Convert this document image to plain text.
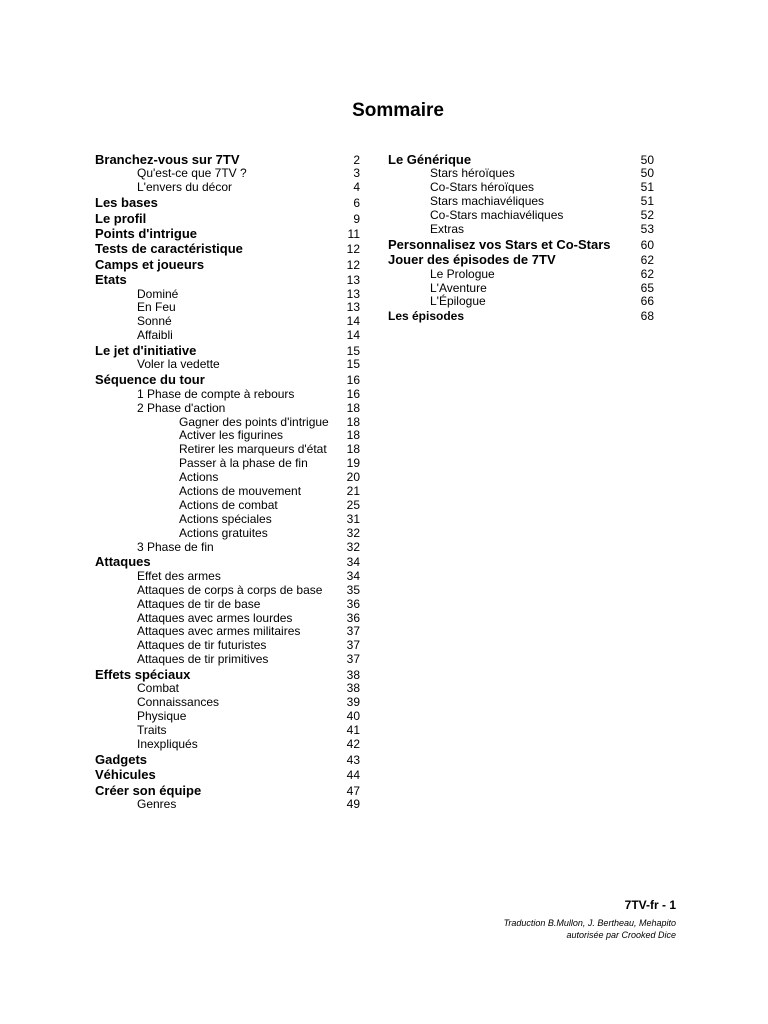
Sommaire
Branchez-vous sur 7TV	2
Qu'est-ce que 7TV ?	3
L'envers du décor	4
Les bases	6
Le profil	9
Points d'intrigue	11
Tests de caractéristique	12
Camps et joueurs	12
Etats	13
Dominé	13
En Feu	13
Sonné	14
Affaibli	14
Le jet d'initiative	15
Voler la vedette	15
Séquence du tour	16
1 Phase de compte à rebours	16
2 Phase d'action	18
Gagner des points d'intrigue 18
Activer les figurines	18
Retirer les marqueurs d'état 18
Passer à la phase de fin	19
Actions	20
Actions de mouvement	21
Actions de combat	25
Actions spéciales	31
Actions gratuites	32
3 Phase de fin	32
Attaques	34
Effet des armes	34
Attaques de corps à corps de base 35
Attaques de tir de base	36
Attaques avec armes lourdes	36
Attaques avec armes militaires	37
Attaques de tir futuristes	37
Attaques de tir primitives	37
Effets spéciaux	38
Combat	38
Connaissances	39
Physique	40
Traits	41
Inexpliqués	42
Gadgets	43
Véhicules	44
Créer son équipe	47
Genres	49
Le Générique	50
Stars héroïques	50
Co-Stars héroïques	51
Stars machiavéliques	51
Co-Stars machiavéliques	52
Extras	53
Personnalisez vos Stars et Co-Stars	60
Jouer des épisodes de 7TV	62
Le Prologue	62
L'Aventure	65
L'Épilogue	66
Les épisodes	68
7TV-fr - 1
Traduction B.Mullon, J. Bertheau, Mehapito
autorisée par Crooked Dice
